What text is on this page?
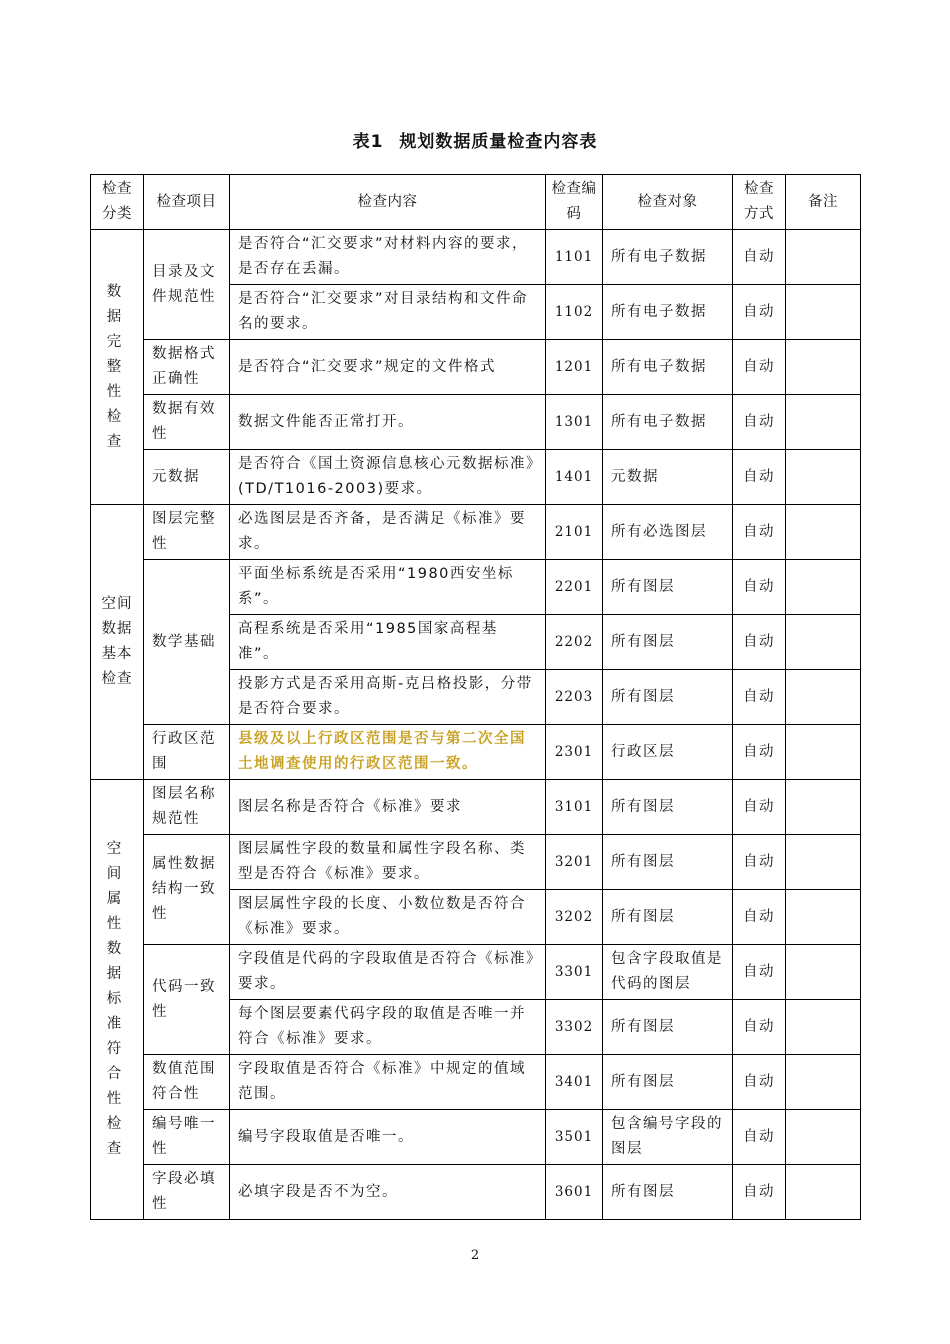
表1 规划数据质量检查内容表
检查分类	检查项目	检查内容	检查编码	检查对象	检查方式	备注
数据完整性检查	目录及文件规范性	是否符合“汇交要求”对材料内容的要求，是否存在丢漏。	1101	所有电子数据	自动	
		是否符合“汇交要求”对目录结构和文件命名的要求。	1102	所有电子数据	自动	
	数据格式正确性	是否符合“汇交要求”规定的文件格式	1201	所有电子数据	自动	
	数据有效性	数据文件能否正常打开。	1301	所有电子数据	自动	
	元数据	是否符合《国土资源信息核心元数据标准》(TD/T1016-2003)要求。	1401	元数据	自动	
空间数据基本检查	图层完整性	必选图层是否齐备，是否满足《标准》要求。	2101	所有必选图层	自动	
	数学基础	平面坐标系统是否采用“1980西安坐标系”。	2201	所有图层	自动	
		高程系统是否采用“1985国家高程基准”。	2202	所有图层	自动	
		投影方式是否采用高斯-克吕格投影，分带是否符合要求。	2203	所有图层	自动	
	行政区范围	县级及以上行政区范围是否与第二次全国土地调查使用的行政区范围一致。	2301	行政区层	自动	
空间属性数据标准符合性检查	图层名称规范性	图层名称是否符合《标准》要求	3101	所有图层	自动	
	属性数据结构一致性	图层属性字段的数量和属性字段名称、类型是否符合《标准》要求。	3201	所有图层	自动	
		图层属性字段的长度、小数位数是否符合《标准》要求。	3202	所有图层	自动	
	代码一致性	字段值是代码的字段取值是否符合《标准》要求。	3301	包含字段取值是代码的图层	自动	
		每个图层要素代码字段的取值是否唯一并符合《标准》要求。	3302	所有图层	自动	
	数值范围符合性	字段取值是否符合《标准》中规定的值域范围。	3401	所有图层	自动	
	编号唯一性	编号字段取值是否唯一。	3501	包含编号字段的图层	自动	
	字段必填性	必填字段是否不为空。	3601	所有图层	自动	
2
